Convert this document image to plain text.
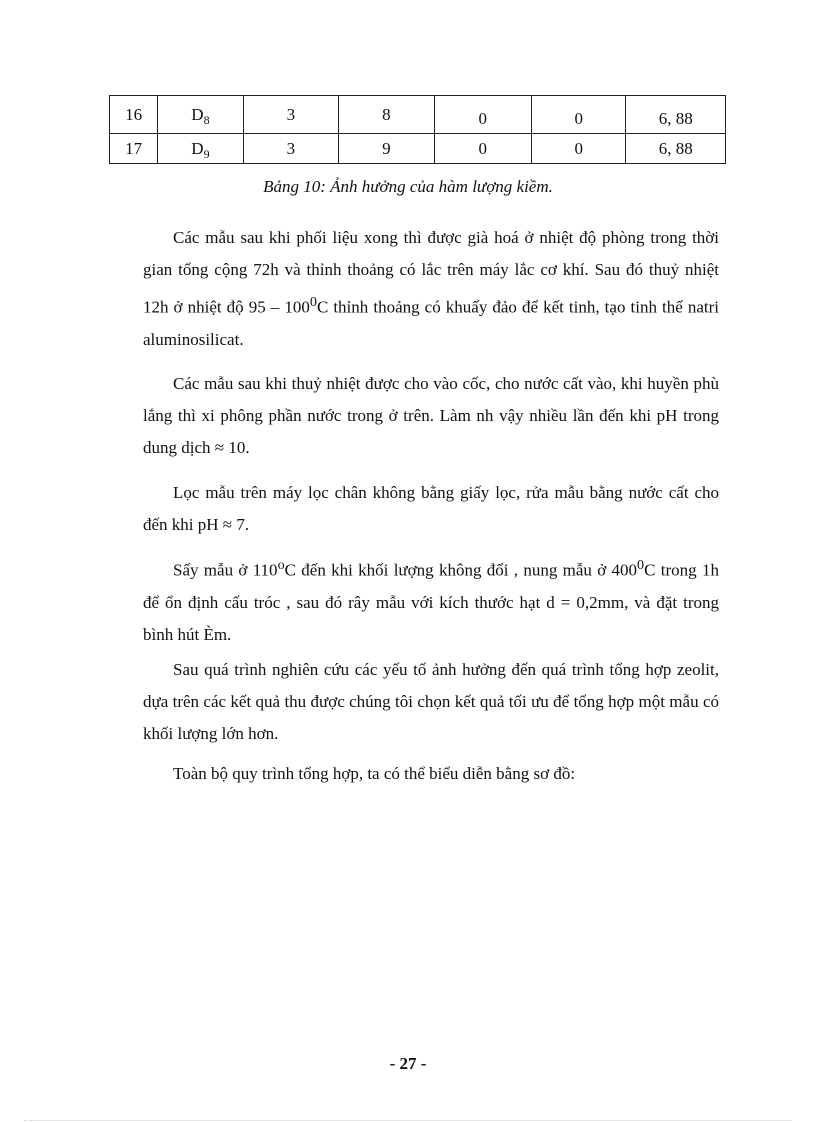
16	$D_8$	3	8	0	0	6, 88
17	$D_9$	3	9	0	0	6, 88
Bảng 10: Ảnh hưởng của hàm lượng kiềm.

Các mẫu sau khi phối liệu xong thì được già hoá ở nhiệt độ phòng trong thời gian tổng cộng 72h và thỉnh thoảng có lắc trên máy lắc cơ khí. Sau đó thuỷ nhiệt 12h ở nhiệt độ $95 - 100^0C$ thỉnh thoảng có khuấy đảo để kết tinh, tạo tinh thể natri aluminosilicat.

Các mẫu sau khi thuỷ nhiệt được cho vào cốc, cho nước cất vào, khi huyền phù lắng thì xi phông phần nước trong ở trên. Làm nh vậy nhiều lần đến khi pH trong dung dịch ≈ 10.

Lọc mẫu trên máy lọc chân không bằng giấy lọc, rửa mẫu bằng nước cất cho đến khi pH ≈ 7.

Sấy mẫu ở 110$^o$C đến khi khối lượng không đổi , nung mẫu ở $400^0C$ trong 1h để ổn định cấu tróc , sau đó rây mẫu với kích thước hạt d = 0,2mm, và đặt trong bình hút Èm.

Sau quá trình nghiên cứu các yếu tố ảnh hưởng đến quá trình tổng hợp zeolit, dựa trên các kết quả thu được chúng tôi chọn kết quả tối ưu để tổng hợp một mẫu có khối lượng lớn hơn.

Toàn bộ quy trình tổng hợp, ta có thể biểu diễn bằng sơ đồ:

- 27 -
